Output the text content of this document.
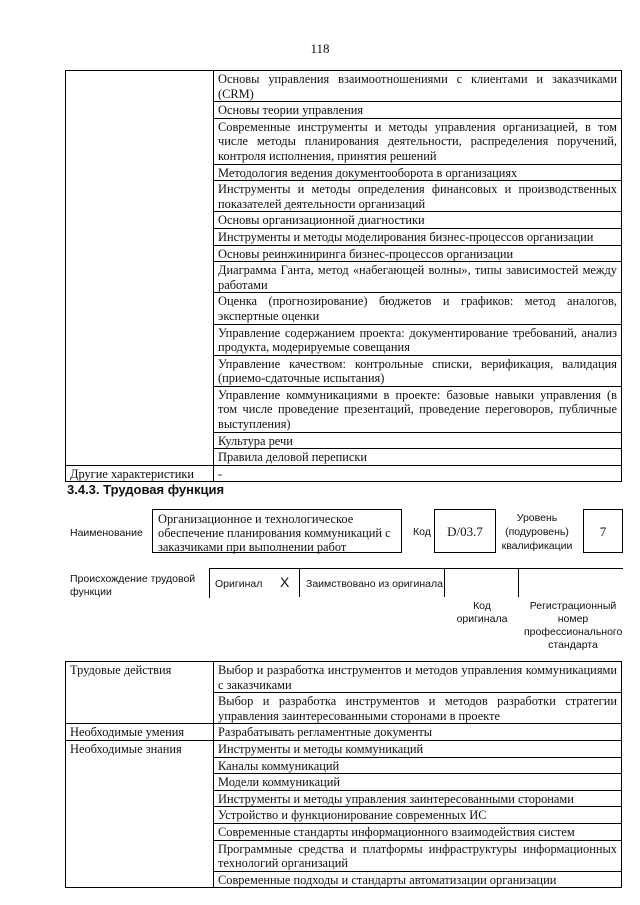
118
	Основы управления взаимоотношениями с клиентами и заказчиками (CRM)
	Основы теории управления
	Современные инструменты и методы управления организацией, в том числе методы планирования деятельности, распределения поручений, контроля исполнения, принятия решений
	Методология ведения документооборота в организациях
	Инструменты и методы определения финансовых и производственных показателей деятельности организаций
	Основы организационной диагностики
	Инструменты и методы моделирования бизнес-процессов организации
	Основы реинжиниринга бизнес-процессов организации
	Диаграмма Ганта, метод «набегающей волны», типы зависимостей между работами
	Оценка (прогнозирование) бюджетов и графиков: метод аналогов, экспертные оценки
	Управление содержанием проекта: документирование требований, анализ продукта, модерируемые совещания
	Управление качеством: контрольные списки, верификация, валидация (приемо-сдаточные испытания)
	Управление коммуникациями в проекте: базовые навыки управления (в том числе проведение презентаций, проведение переговоров, публичные выступления)
	Культура речи
	Правила деловой переписки
Другие характеристики	-
3.4.3. Трудовая функция
Наименование
Организационное и технологическое обеспечение планирования коммуникаций с заказчиками при выполнении работ
Код	D/03.7
Уровень (подуровень) квалификации
7
Происхождение трудовой функции
Оригинал X Заимствовано из оригинала
Код оригинала
Регистрационный номер профессионального стандарта
Трудовые действия	Выбор и разработка инструментов и методов управления коммуникациями с заказчиками
	Выбор и разработка инструментов и методов разработки стратегии управления заинтересованными сторонами в проекте
Необходимые умения	Разрабатывать регламентные документы
Необходимые знания	Инструменты и методы коммуникаций
	Каналы коммуникаций
	Модели коммуникаций
	Инструменты и методы управления заинтересованными сторонами
	Устройство и функционирование современных ИС
	Современные стандарты информационного взаимодействия систем
	Программные средства и платформы инфраструктуры информационных технологий организаций
	Современные подходы и стандарты автоматизации организации
